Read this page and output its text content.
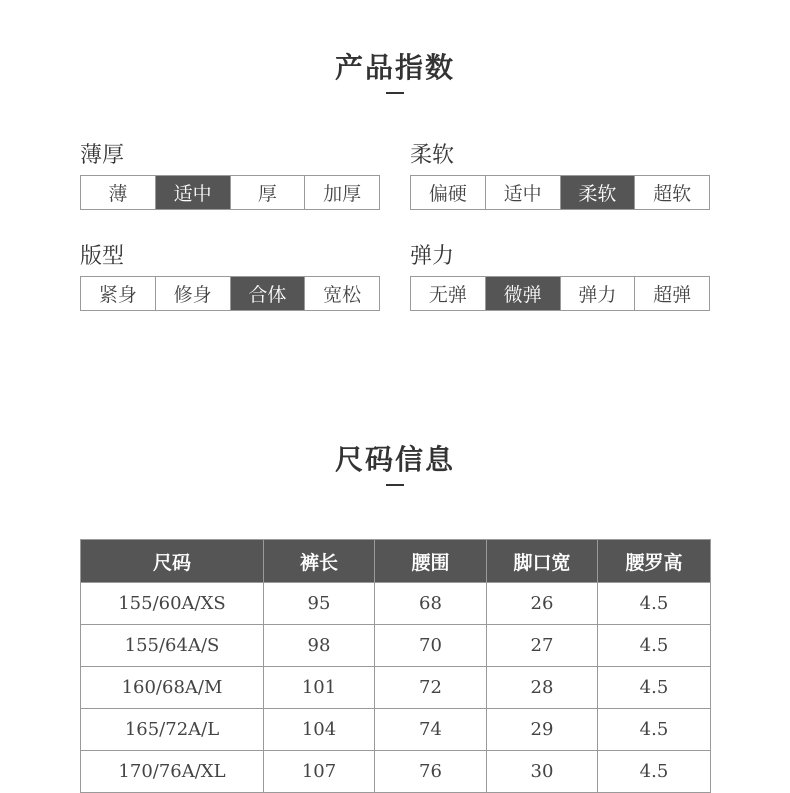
产品指数
薄厚
薄	适中	厚	加厚
柔软
偏硬	适中	柔软	超软
版型
紧身	修身	合体	宽松
弹力
无弹	微弹	弹力	超弹
尺码信息
尺码	裤长	腰围	脚口宽	腰罗高
155/60A/XS	95	68	26	4.5
155/64A/S	98	70	27	4.5
160/68A/M	101	72	28	4.5
165/72A/L	104	74	29	4.5
170/76A/XL	107	76	30	4.5
